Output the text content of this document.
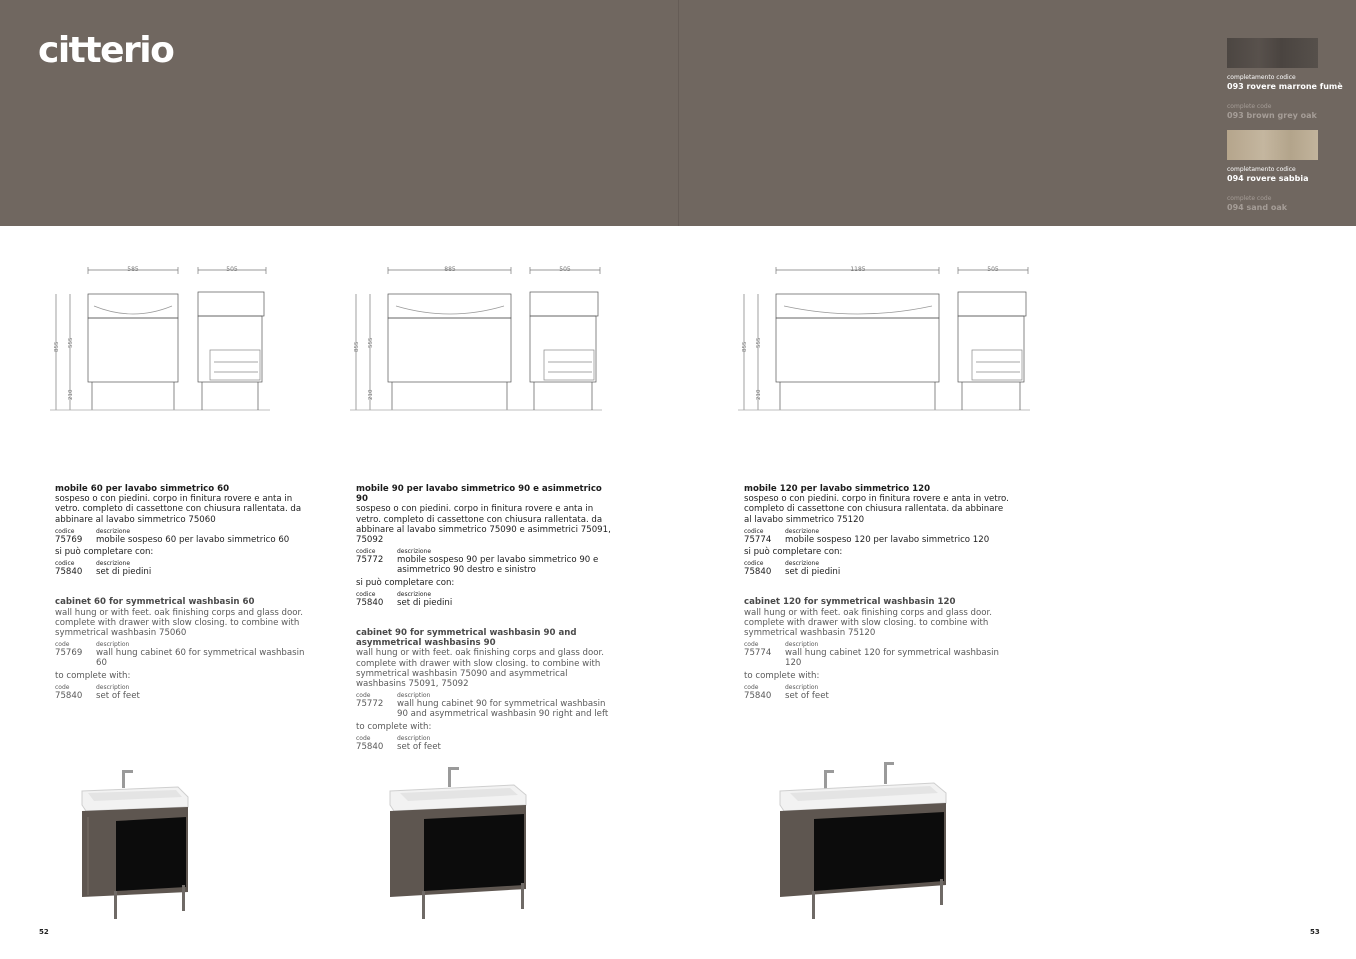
citterio
completamento codice
093 rovere marrone fumè
complete code
093 brown grey oak
completamento codice
094 rovere sabbia
complete code
094 sand oak
585	505
855 555
210
885	505
855 555
210
1185	505
855 555
210
mobile 60 per lavabo simmetrico 60

sospeso o con piedini. corpo in finitura rovere e anta in vetro. completo di cassettone con chiusura rallentata. da abbinare al lavabo simmetrico 75060

codice	descrizione
75769	mobile sospeso 60 per lavabo simmetrico 60
si può completare con:
codice	descrizione
75840	set di piedini
cabinet 60 for symmetrical washbasin 60

wall hung or with feet. oak finishing corps and glass door. complete with drawer with slow closing. to combine with symmetrical washbasin 75060

code	description
75769	wall hung cabinet 60 for symmetrical washbasin 60
to complete with:
code	description
75840	set of feet
mobile 90 per lavabo simmetrico 90 e asimmetrico 90

sospeso o con piedini. corpo in finitura rovere e anta in vetro. completo di cassettone con chiusura rallentata. da abbinare al lavabo simmetrico 75090 e asimmetrici 75091, 75092

codice	descrizione
75772	mobile sospeso 90 per lavabo simmetrico 90 e asimmetrico 90 destro e sinistro
si può completare con:
codice	descrizione
75840	set di piedini
cabinet 90 for symmetrical washbasin 90 and asymmetrical washbasins 90

wall hung or with feet. oak finishing corps and glass door. complete with drawer with slow closing. to combine with symmetrical washbasin 75090 and asymmetrical washbasins 75091, 75092

code	description
75772	wall hung cabinet 90 for symmetrical washbasin 90 and asymmetrical washbasin 90 right and left
to complete with:
code	description
75840	set of feet
mobile 120 per lavabo simmetrico 120

sospeso o con piedini. corpo in finitura rovere e anta in vetro. completo di cassettone con chiusura rallentata. da abbinare al lavabo simmetrico 75120

codice	descrizione
75774	mobile sospeso 120 per lavabo simmetrico 120
si può completare con:
codice	descrizione
75840	set di piedini
cabinet 120 for symmetrical washbasin 120

wall hung or with feet. oak finishing corps and glass door. complete with drawer with slow closing. to combine with symmetrical washbasin 75120

code	description
75774	wall hung cabinet 120 for symmetrical washbasin 120
to complete with:
code	description
75840	set of feet
52	53
